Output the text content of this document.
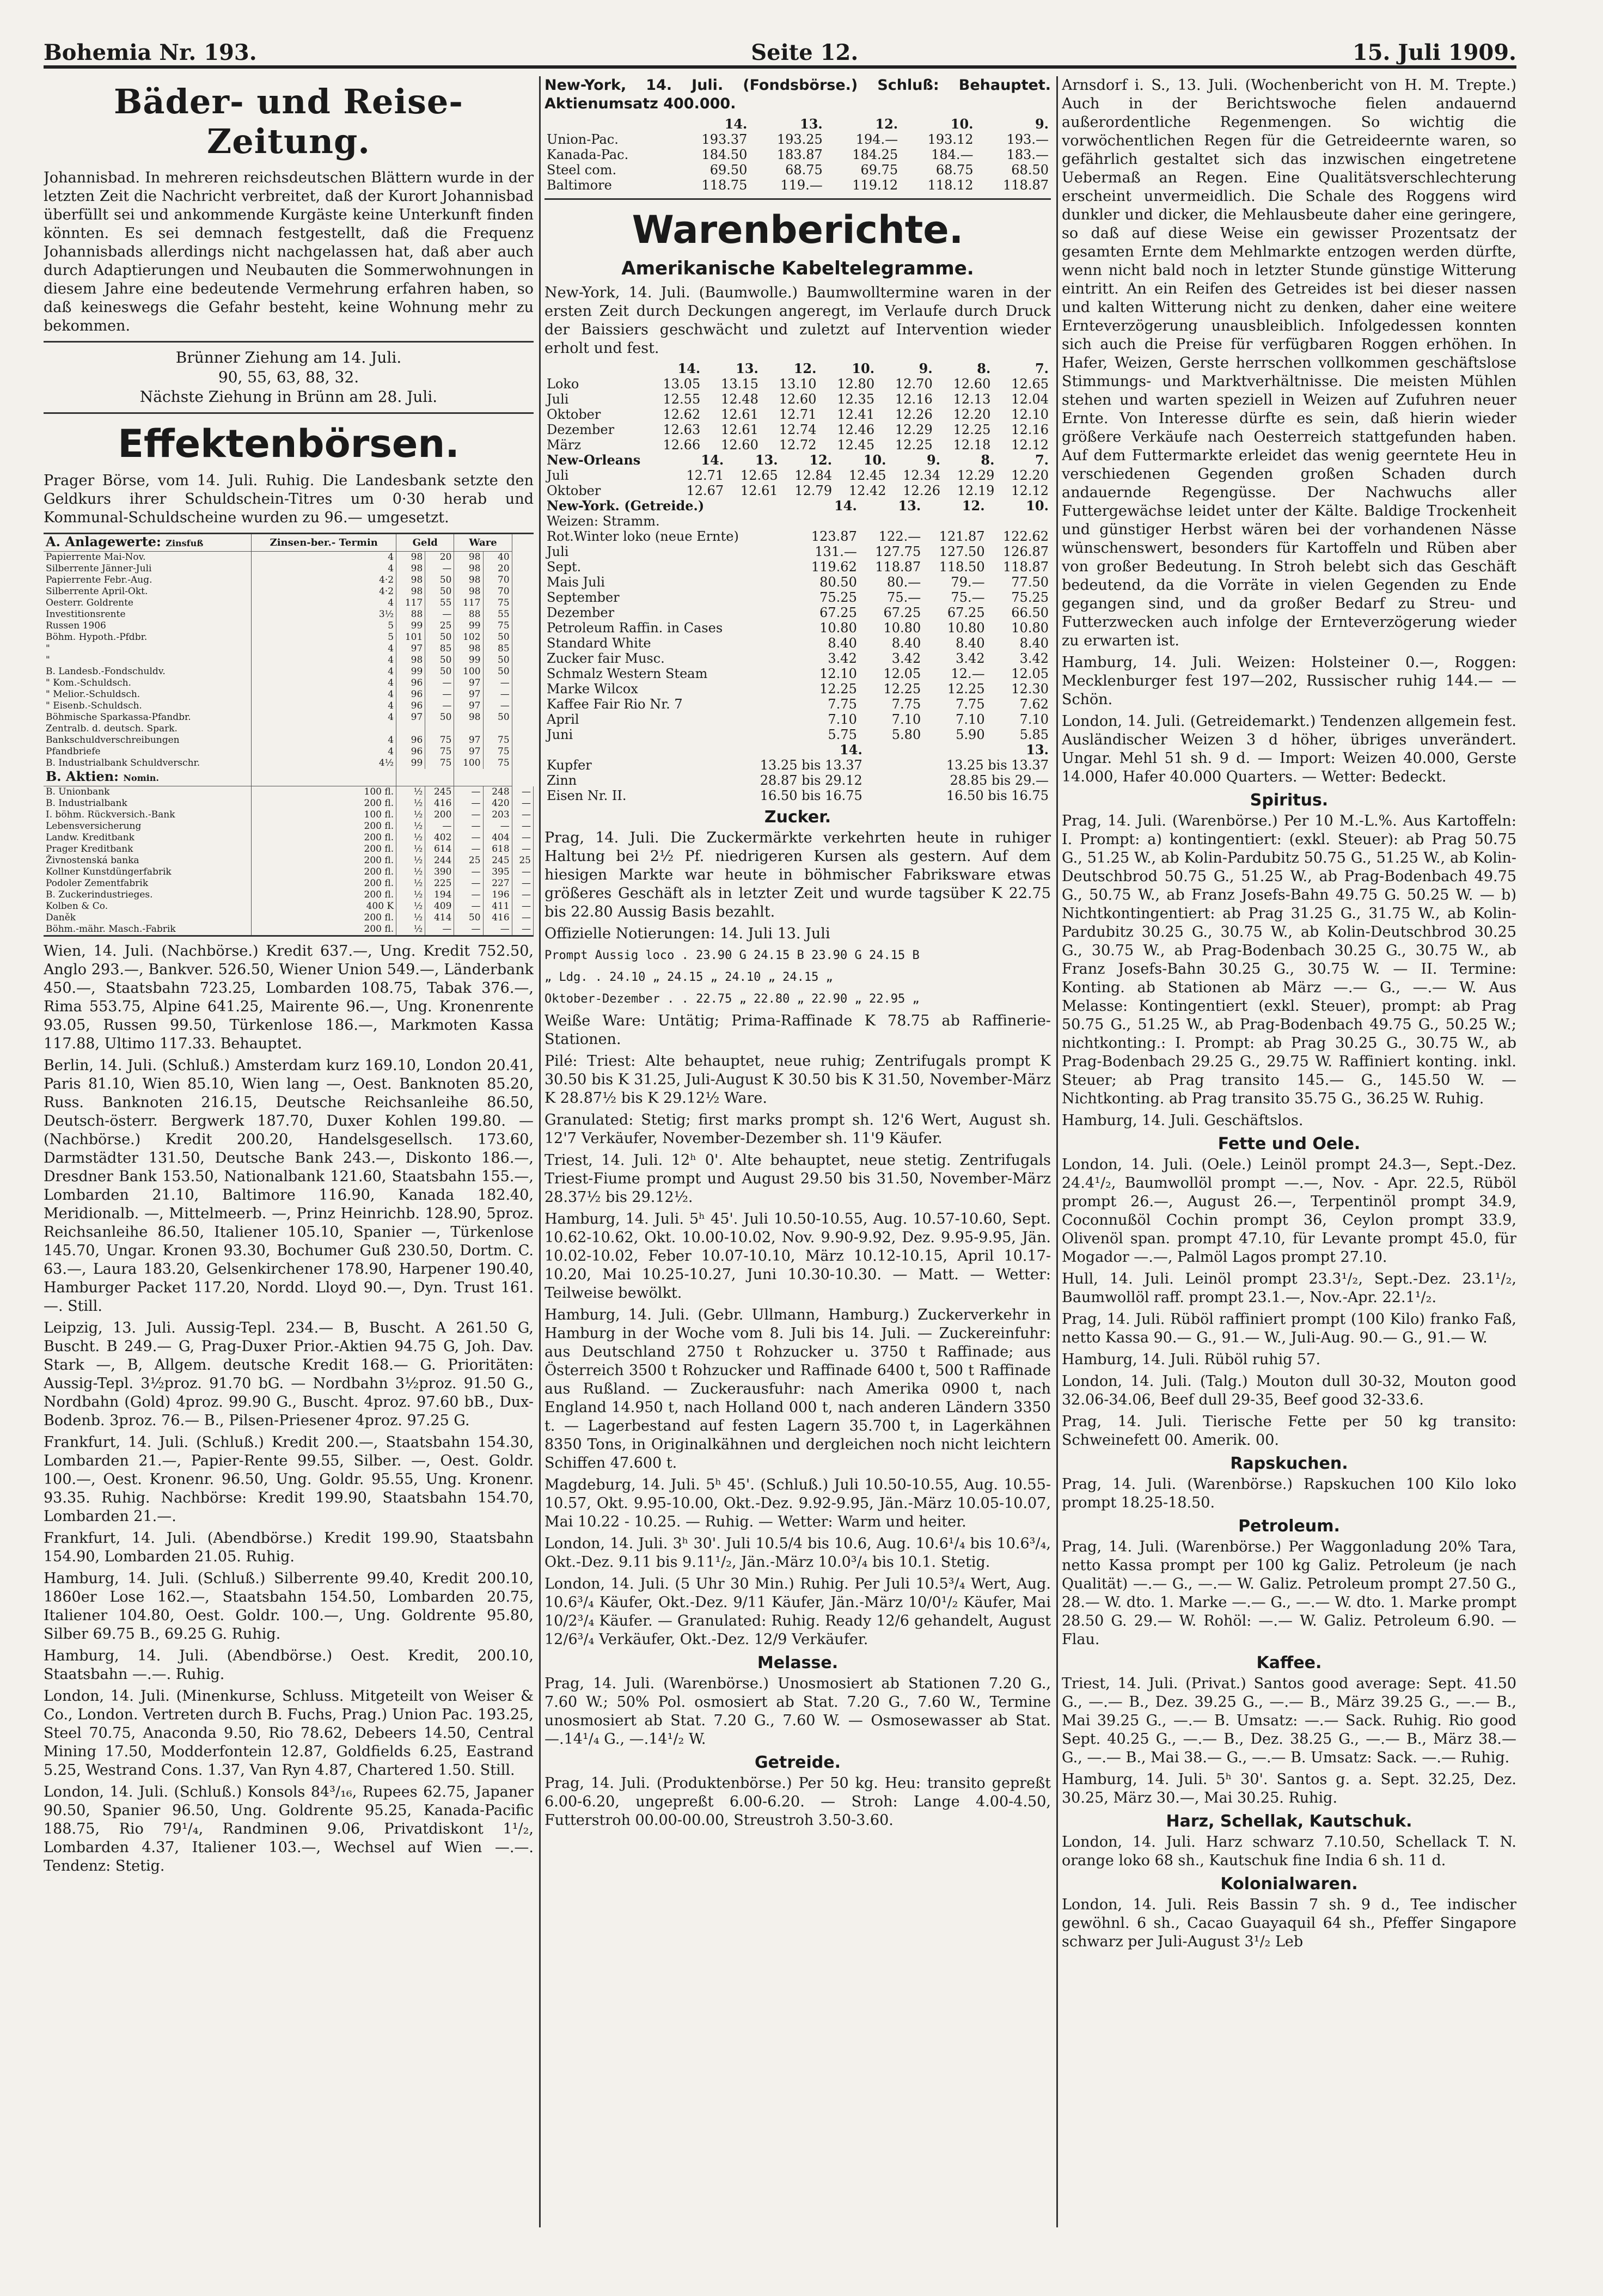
Bohemia Nr. 193.	Seite 12.	15. Juli 1909.
Bäder- und Reise-Zeitung.

Johannisbad. In mehreren reichsdeutschen Blättern wurde in der letzten Zeit die Nachricht verbreitet, daß der Kurort Johannisbad überfüllt sei und ankommende Kurgäste keine Unterkunft finden könnten. Es sei demnach festgestellt, daß die Frequenz Johannisbads allerdings nicht nachgelassen hat, daß aber auch durch Adaptierungen und Neubauten die Sommerwohnungen in diesem Jahre eine bedeutende Vermehrung erfahren haben, so daß keineswegs die Gefahr besteht, keine Wohnung mehr zu bekommen.

Brünner Ziehung am 14. Juli.
90, 55, 63, 88, 32.
Nächste Ziehung in Brünn am 28. Juli.
Effektenbörsen.

Prager Börse, vom 14. Juli. Ruhig. Die Landesbank setzte den Geldkurs ihrer Schuldschein-Titres um 0·30 herab und Kommunal-Schuldscheine wurden zu 96.— umgesetzt.

A. Anlagewerte: Zinsfuß	Zinsen-ber.- Termin	Geld		Ware		
Papierrente Mai-Nov.	4	98	20	98	40	
Silberrente Jänner-Juli	4	98	—	98	20	
Papierrente Febr.-Aug.	4·2	98	50	98	70	
Silberrente April-Okt.	4·2	98	50	98	70	
Oesterr. Goldrente	4	117	55	117	75	
Investitionsrente	3½	88	—	88	55	
Russen 1906	5	99	25	99	75	
Böhm. Hypoth.-Pfdbr.	5	101	50	102	50	
"	4	97	85	98	85	
"	4	98	50	99	50	
B. Landesb.-Fondschuldv.	4	99	50	100	50	
" Kom.-Schuldsch.	4	96	—	97	—	
" Melior.-Schuldsch.	4	96	—	97	—	
" Eisenb.-Schuldsch.	4	96	—	97	—	
Böhmische Sparkassa-Pfandbr.	4	97	50	98	50	
Zentralb. d. deutsch. Spark.						
Bankschuldverschreibungen	4	96	75	97	75	
Pfandbriefe	4	96	75	97	75	
B. Industrialbank Schuldverschr.	4½	99	75	100	75	
B. Aktien: Nomin.						
B. Unionbank	100 fl.	½	245	—	248	—
B. Industrialbank	200 fl.	½	416	—	420	—
I. böhm. Rückversich.-Bank	100 fl.	½	200	—	203	—
Lebensversicherung	200 fl.	½	—	—	—	—
Landw. Kreditbank	200 fl.	½	402	—	404	—
Prager Kreditbank	200 fl.	½	614	—	618	—
Živnostenská banka	200 fl.	½	244	25	245	25
Kollner Kunstdüngerfabrik	200 fl.	½	390	—	395	—
Podoler Zementfabrik	200 fl.	½	225	—	227	—
B. Zuckerindustrieges.	200 fl.	½	194	—	196	—
Kolben & Co.	400 K	½	409	—	411	—
Daněk	200 fl.	½	414	50	416	—
Böhm.-mähr. Masch.-Fabrik	200 fl.	½	—	—	—	—

Wien, 14. Juli. (Nachbörse.) Kredit 637.—, Ung. Kredit 752.50, Anglo 293.—, Bankver. 526.50, Wiener Union 549.—, Länderbank 450.—, Staatsbahn 723.25, Lombarden 108.75, Tabak 376.—, Rima 553.75, Alpine 641.25, Mairente 96.—, Ung. Kronenrente 93.05, Russen 99.50, Türkenlose 186.—, Markmoten Kassa 117.88, Ultimo 117.33. Behauptet.

Berlin, 14. Juli. (Schluß.) Amsterdam kurz 169.10, London 20.41, Paris 81.10, Wien 85.10, Wien lang —, Oest. Banknoten 85.20, Russ. Banknoten 216.15, Deutsche Reichsanleihe 86.50, Deutsch-österr. Bergwerk 187.70, Duxer Kohlen 199.80. — (Nachbörse.) Kredit 200.20, Handelsgesellsch. 173.60, Darmstädter 131.50, Deutsche Bank 243.—, Diskonto 186.—, Dresdner Bank 153.50, Nationalbank 121.60, Staatsbahn 155.—, Lombarden 21.10, Baltimore 116.90, Kanada 182.40, Meridionalb. —, Mittelmeerb. —, Prinz Heinrichb. 128.90, 5proz. Reichsanleihe 86.50, Italiener 105.10, Spanier —, Türkenlose 145.70, Ungar. Kronen 93.30, Bochumer Guß 230.50, Dortm. C. 63.—, Laura 183.20, Gelsenkirchener 178.90, Harpener 190.40, Hamburger Packet 117.20, Nordd. Lloyd 90.—, Dyn. Trust 161.—. Still.

Leipzig, 13. Juli. Aussig-Tepl. 234.— B, Buscht. A 261.50 G, Buscht. B 249.— G, Prag-Duxer Prior.-Aktien 94.75 G, Joh. Dav. Stark —, B, Allgem. deutsche Kredit 168.— G. Prioritäten: Aussig-Tepl. 3½proz. 91.70 bG. — Nordbahn 3½proz. 91.50 G., Nordbahn (Gold) 4proz. 99.90 G., Buscht. 4proz. 97.60 bB., Dux-Bodenb. 3proz. 76.— B., Pilsen-Priesener 4proz. 97.25 G.

Frankfurt, 14. Juli. (Schluß.) Kredit 200.—, Staatsbahn 154.30, Lombarden 21.—, Papier-Rente 99.55, Silber. —, Oest. Goldr. 100.—, Oest. Kronenr. 96.50, Ung. Goldr. 95.55, Ung. Kronenr. 93.35. Ruhig. Nachbörse: Kredit 199.90, Staatsbahn 154.70, Lombarden 21.—.

Frankfurt, 14. Juli. (Abendbörse.) Kredit 199.90, Staatsbahn 154.90, Lombarden 21.05. Ruhig.

Hamburg, 14. Juli. (Schluß.) Silberrente 99.40, Kredit 200.10, 1860er Lose 162.—, Staatsbahn 154.50, Lombarden 20.75, Italiener 104.80, Oest. Goldr. 100.—, Ung. Goldrente 95.80, Silber 69.75 B., 69.25 G. Ruhig.

Hamburg, 14. Juli. (Abendbörse.) Oest. Kredit, 200.10, Staatsbahn —.—. Ruhig.

London, 14. Juli. (Minenkurse, Schluss. Mitgeteilt von Weiser & Co., London. Vertreten durch B. Fuchs, Prag.) Union Pac. 193.25, Steel 70.75, Anaconda 9.50, Rio 78.62, Debeers 14.50, Central Mining 17.50, Modderfontein 12.87, Goldfields 6.25, Eastrand 5.25, Westrand Cons. 1.37, Van Ryn 4.87, Chartered 1.50. Still.

London, 14. Juli. (Schluß.) Konsols 84³/₁₆, Rupees 62.75, Japaner 90.50, Spanier 96.50, Ung. Goldrente 95.25, Kanada-Pacific 188.75, Rio 79¹/₄, Randminen 9.06, Privatdiskont 1¹/₂, Lombarden 4.37, Italiener 103.—, Wechsel auf Wien —.—. Tendenz: Stetig.

New-York, 14. Juli. (Fondsbörse.) Schluß: Behauptet. Aktienumsatz 400.000.

	14.	13.	12.	10.	9.
Union-Pac.	193.37	193.25	194.—	193.12	193.—
Kanada-Pac.	184.50	183.87	184.25	184.—	183.—
Steel com.	69.50	68.75	69.75	68.75	68.50
Baltimore	118.75	119.—	119.12	118.12	118.87
Warenberichte.
Amerikanische Kabeltelegramme.

New-York, 14. Juli. (Baumwolle.) Baumwolltermine waren in der ersten Zeit durch Deckungen angeregt, im Verlaufe durch Druck der Baissiers geschwächt und zuletzt auf Intervention wieder erholt und fest.

	14.	13.	12.	10.	9.	8.	7.
Loko	13.05	13.15	13.10	12.80	12.70	12.60	12.65
Juli	12.55	12.48	12.60	12.35	12.16	12.13	12.04
Oktober	12.62	12.61	12.71	12.41	12.26	12.20	12.10
Dezember	12.63	12.61	12.74	12.46	12.29	12.25	12.16
März	12.66	12.60	12.72	12.45	12.25	12.18	12.12
New-Orleans	14.	13.	12.	10.	9.	8.	7.
Juli	12.71	12.65	12.84	12.45	12.34	12.29	12.20
Oktober	12.67	12.61	12.79	12.42	12.26	12.19	12.12
New-York. (Getreide.)	14.	13.	12.	10.
Weizen: Stramm.				
Rot.Winter loko (neue Ernte)	123.87	122.—	121.87	122.62
Juli	131.—	127.75	127.50	126.87
Sept.	119.62	118.87	118.50	118.87
Mais Juli	80.50	80.—	79.—	77.50
September	75.25	75.—	75.—	75.25
Dezember	67.25	67.25	67.25	66.50
Petroleum Raffin. in Cases	10.80	10.80	10.80	10.80
Standard White	8.40	8.40	8.40	8.40
Zucker fair Musc.	3.42	3.42	3.42	3.42
Schmalz Western Steam	12.10	12.05	12.—	12.05
Marke Wilcox	12.25	12.25	12.25	12.30
Kaffee Fair Rio Nr. 7	7.75	7.75	7.75	7.62
April	7.10	7.10	7.10	7.10
Juni	5.75	5.80	5.90	5.85
	14.		13.
Kupfer	13.25 bis 13.37		13.25 bis 13.37
Zinn	28.87 bis 29.12		28.85 bis 29.—
Eisen Nr. II.	16.50 bis 16.75		16.50 bis 16.75
Zucker.

Prag, 14. Juli. Die Zuckermärkte verkehrten heute in ruhiger Haltung bei 2½ Pf. niedrigeren Kursen als gestern. Auf dem hiesigen Markte war heute in böhmischer Fabriksware etwas größeres Geschäft als in letzter Zeit und wurde tagsüber K 22.75 bis 22.80 Aussig Basis bezahlt.

Offizielle Notierungen: 14. Juli 13. Juli

Prompt Aussig loco . 23.90 G 24.15 B 23.90 G 24.15 B

„ Ldg. . 24.10 „ 24.15 „ 24.10 „ 24.15 „

Oktober-Dezember . . 22.75 „ 22.80 „ 22.90 „ 22.95 „

Weiße Ware: Untätig; Prima-Raffinade K 78.75 ab Raffinerie-Stationen.

Pilé: Triest: Alte behauptet, neue ruhig; Zentrifugals prompt K 30.50 bis K 31.25, Juli-August K 30.50 bis K 31.50, November-März K 28.87½ bis K 29.12½ Ware.

Granulated: Stetig; first marks prompt sh. 12'6 Wert, August sh. 12'7 Verkäufer, November-Dezember sh. 11'9 Käufer.

Triest, 14. Juli. 12ʰ 0'. Alte behauptet, neue stetig. Zentrifugals Triest-Fiume prompt und August 29.50 bis 31.50, November-März 28.37½ bis 29.12½.

Hamburg, 14. Juli. 5ʰ 45'. Juli 10.50-10.55, Aug. 10.57-10.60, Sept. 10.62-10.62, Okt. 10.00-10.02, Nov. 9.90-9.92, Dez. 9.95-9.95, Jän. 10.02-10.02, Feber 10.07-10.10, März 10.12-10.15, April 10.17-10.20, Mai 10.25-10.27, Juni 10.30-10.30. — Matt. — Wetter: Teilweise bewölkt.

Hamburg, 14. Juli. (Gebr. Ullmann, Hamburg.) Zuckerverkehr in Hamburg in der Woche vom 8. Juli bis 14. Juli. — Zuckereinfuhr: aus Deutschland 2750 t Rohzucker u. 3750 t Raffinade; aus Österreich 3500 t Rohzucker und Raffinade 6400 t, 500 t Raffinade aus Rußland. — Zuckerausfuhr: nach Amerika 0900 t, nach England 14.950 t, nach Holland 000 t, nach anderen Ländern 3350 t. — Lagerbestand auf festen Lagern 35.700 t, in Lagerkähnen 8350 Tons, in Originalkähnen und dergleichen noch nicht leichtern Schiffen 47.600 t.

Magdeburg, 14. Juli. 5ʰ 45'. (Schluß.) Juli 10.50-10.55, Aug. 10.55-10.57, Okt. 9.95-10.00, Okt.-Dez. 9.92-9.95, Jän.-März 10.05-10.07, Mai 10.22 - 10.25. — Ruhig. — Wetter: Warm und heiter.

London, 14. Juli. 3ʰ 30'. Juli 10.5/4 bis 10.6, Aug. 10.6¹/₄ bis 10.6³/₄, Okt.-Dez. 9.11 bis 9.11¹/₂, Jän.-März 10.0³/₄ bis 10.1. Stetig.

London, 14. Juli. (5 Uhr 30 Min.) Ruhig. Per Juli 10.5³/₄ Wert, Aug. 10.6³/₄ Käufer, Okt.-Dez. 9/11 Käufer, Jän.-März 10/0¹/₂ Käufer, Mai 10/2³/₄ Käufer. — Granulated: Ruhig. Ready 12/6 gehandelt, August 12/6³/₄ Verkäufer, Okt.-Dez. 12/9 Verkäufer.

Melasse.

Prag, 14. Juli. (Warenbörse.) Unosmosiert ab Stationen 7.20 G., 7.60 W.; 50% Pol. osmosiert ab Stat. 7.20 G., 7.60 W., Termine unosmosiert ab Stat. 7.20 G., 7.60 W. — Osmosewasser ab Stat. —.14¹/₄ G., —.14¹/₂ W.

Getreide.

Prag, 14. Juli. (Produktenbörse.) Per 50 kg. Heu: transito gepreßt 6.00-6.20, ungepreßt 6.00-6.20. — Stroh: Lange 4.00-4.50, Futterstroh 00.00-00.00, Streustroh 3.50-3.60.

Arnsdorf i. S., 13. Juli. (Wochenbericht von H. M. Trepte.) Auch in der Berichtswoche fielen andauernd außerordentliche Regenmengen. So wichtig die vorwöchentlichen Regen für die Getreideernte waren, so gefährlich gestaltet sich das inzwischen eingetretene Uebermaß an Regen. Eine Qualitätsverschlechterung erscheint unvermeidlich. Die Schale des Roggens wird dunkler und dicker, die Mehlausbeute daher eine geringere, so daß auf diese Weise ein gewisser Prozentsatz der gesamten Ernte dem Mehlmarkte entzogen werden dürfte, wenn nicht bald noch in letzter Stunde günstige Witterung eintritt. An ein Reifen des Getreides ist bei dieser nassen und kalten Witterung nicht zu denken, daher eine weitere Ernteverzögerung unausbleiblich. Infolgedessen konnten sich auch die Preise für verfügbaren Roggen erhöhen. In Hafer, Weizen, Gerste herrschen vollkommen geschäftslose Stimmungs- und Marktverhältnisse. Die meisten Mühlen stehen und warten speziell in Weizen auf Zufuhren neuer Ernte. Von Interesse dürfte es sein, daß hierin wieder größere Verkäufe nach Oesterreich stattgefunden haben. Auf dem Futtermarkte erleidet das wenig geerntete Heu in verschiedenen Gegenden großen Schaden durch andauernde Regengüsse. Der Nachwuchs aller Futtergewächse leidet unter der Kälte. Baldige Trockenheit und günstiger Herbst wären bei der vorhandenen Nässe wünschenswert, besonders für Kartoffeln und Rüben aber von großer Bedeutung. In Stroh belebt sich das Geschäft bedeutend, da die Vorräte in vielen Gegenden zu Ende gegangen sind, und da großer Bedarf zu Streu- und Futterzwecken auch infolge der Ernteverzögerung wieder zu erwarten ist.

Hamburg, 14. Juli. Weizen: Holsteiner 0.—, Roggen: Mecklenburger fest 197—202, Russischer ruhig 144.— — Schön.

London, 14. Juli. (Getreidemarkt.) Tendenzen allgemein fest. Ausländischer Weizen 3 d höher, übriges unverändert. Ungar. Mehl 51 sh. 9 d. — Import: Weizen 40.000, Gerste 14.000, Hafer 40.000 Quarters. — Wetter: Bedeckt.

Spiritus.

Prag, 14. Juli. (Warenbörse.) Per 10 M.-L.%. Aus Kartoffeln: I. Prompt: a) kontingentiert: (exkl. Steuer): ab Prag 50.75 G., 51.25 W., ab Kolin-Pardubitz 50.75 G., 51.25 W., ab Kolin-Deutschbrod 50.75 G., 51.25 W., ab Prag-Bodenbach 49.75 G., 50.75 W., ab Franz Josefs-Bahn 49.75 G. 50.25 W. — b) Nichtkontingentiert: ab Prag 31.25 G., 31.75 W., ab Kolin-Pardubitz 30.25 G., 30.75 W., ab Kolin-Deutschbrod 30.25 G., 30.75 W., ab Prag-Bodenbach 30.25 G., 30.75 W., ab Franz Josefs-Bahn 30.25 G., 30.75 W. — II. Termine: Konting. ab Stationen ab März —.— G., —.— W. Aus Melasse: Kontingentiert (exkl. Steuer), prompt: ab Prag 50.75 G., 51.25 W., ab Prag-Bodenbach 49.75 G., 50.25 W.; nichtkonting.: I. Prompt: ab Prag 30.25 G., 30.75 W., ab Prag-Bodenbach 29.25 G., 29.75 W. Raffiniert konting. inkl. Steuer; ab Prag transito 145.— G., 145.50 W. — Nichtkonting. ab Prag transito 35.75 G., 36.25 W. Ruhig.

Hamburg, 14. Juli. Geschäftslos.

Fette und Oele.

London, 14. Juli. (Oele.) Leinöl prompt 24.3—, Sept.-Dez. 24.4¹/₂, Baumwollöl prompt —.—, Nov. - Apr. 22.5, Rüböl prompt 26.—, August 26.—, Terpentinöl prompt 34.9, Coconnußöl Cochin prompt 36, Ceylon prompt 33.9, Olivenöl span. prompt 47.10, für Levante prompt 45.0, für Mogador —.—, Palmöl Lagos prompt 27.10.

Hull, 14. Juli. Leinöl prompt 23.3¹/₂, Sept.-Dez. 23.1¹/₂, Baumwollöl raff. prompt 23.1.—, Nov.-Apr. 22.1¹/₂.

Prag, 14. Juli. Rüböl raffiniert prompt (100 Kilo) franko Faß, netto Kassa 90.— G., 91.— W., Juli-Aug. 90.— G., 91.— W.

Hamburg, 14. Juli. Rüböl ruhig 57.

London, 14. Juli. (Talg.) Mouton dull 30-32, Mouton good 32.06-34.06, Beef dull 29-35, Beef good 32-33.6.

Prag, 14. Juli. Tierische Fette per 50 kg transito: Schweinefett 00. Amerik. 00.

Rapskuchen.

Prag, 14. Juli. (Warenbörse.) Rapskuchen 100 Kilo loko prompt 18.25-18.50.

Petroleum.

Prag, 14. Juli. (Warenbörse.) Per Waggonladung 20% Tara, netto Kassa prompt per 100 kg Galiz. Petroleum (je nach Qualität) —.— G., —.— W. Galiz. Petroleum prompt 27.50 G., 28.— W. dto. 1. Marke —.— G., —.— W. dto. 1. Marke prompt 28.50 G. 29.— W. Rohöl: —.— W. Galiz. Petroleum 6.90. — Flau.

Kaffee.

Triest, 14. Juli. (Privat.) Santos good average: Sept. 41.50 G., —.— B., Dez. 39.25 G., —.— B., März 39.25 G., —.— B., Mai 39.25 G., —.— B. Umsatz: —.— Sack. Ruhig. Rio good Sept. 40.25 G., —.— B., Dez. 38.25 G., —.— B., März 38.— G., —.— B., Mai 38.— G., —.— B. Umsatz: Sack. —.— Ruhig.

Hamburg, 14. Juli. 5ʰ 30'. Santos g. a. Sept. 32.25, Dez. 30.25, März 30.—, Mai 30.25. Ruhig.

Harz, Schellak, Kautschuk.

London, 14. Juli. Harz schwarz 7.10.50, Schellack T. N. orange loko 68 sh., Kautschuk fine India 6 sh. 11 d.

Kolonialwaren.

London, 14. Juli. Reis Bassin 7 sh. 9 d., Tee indischer gewöhnl. 6 sh., Cacao Guayaquil 64 sh., Pfeffer Singapore schwarz per Juli-August 3¹/₂ Leb
